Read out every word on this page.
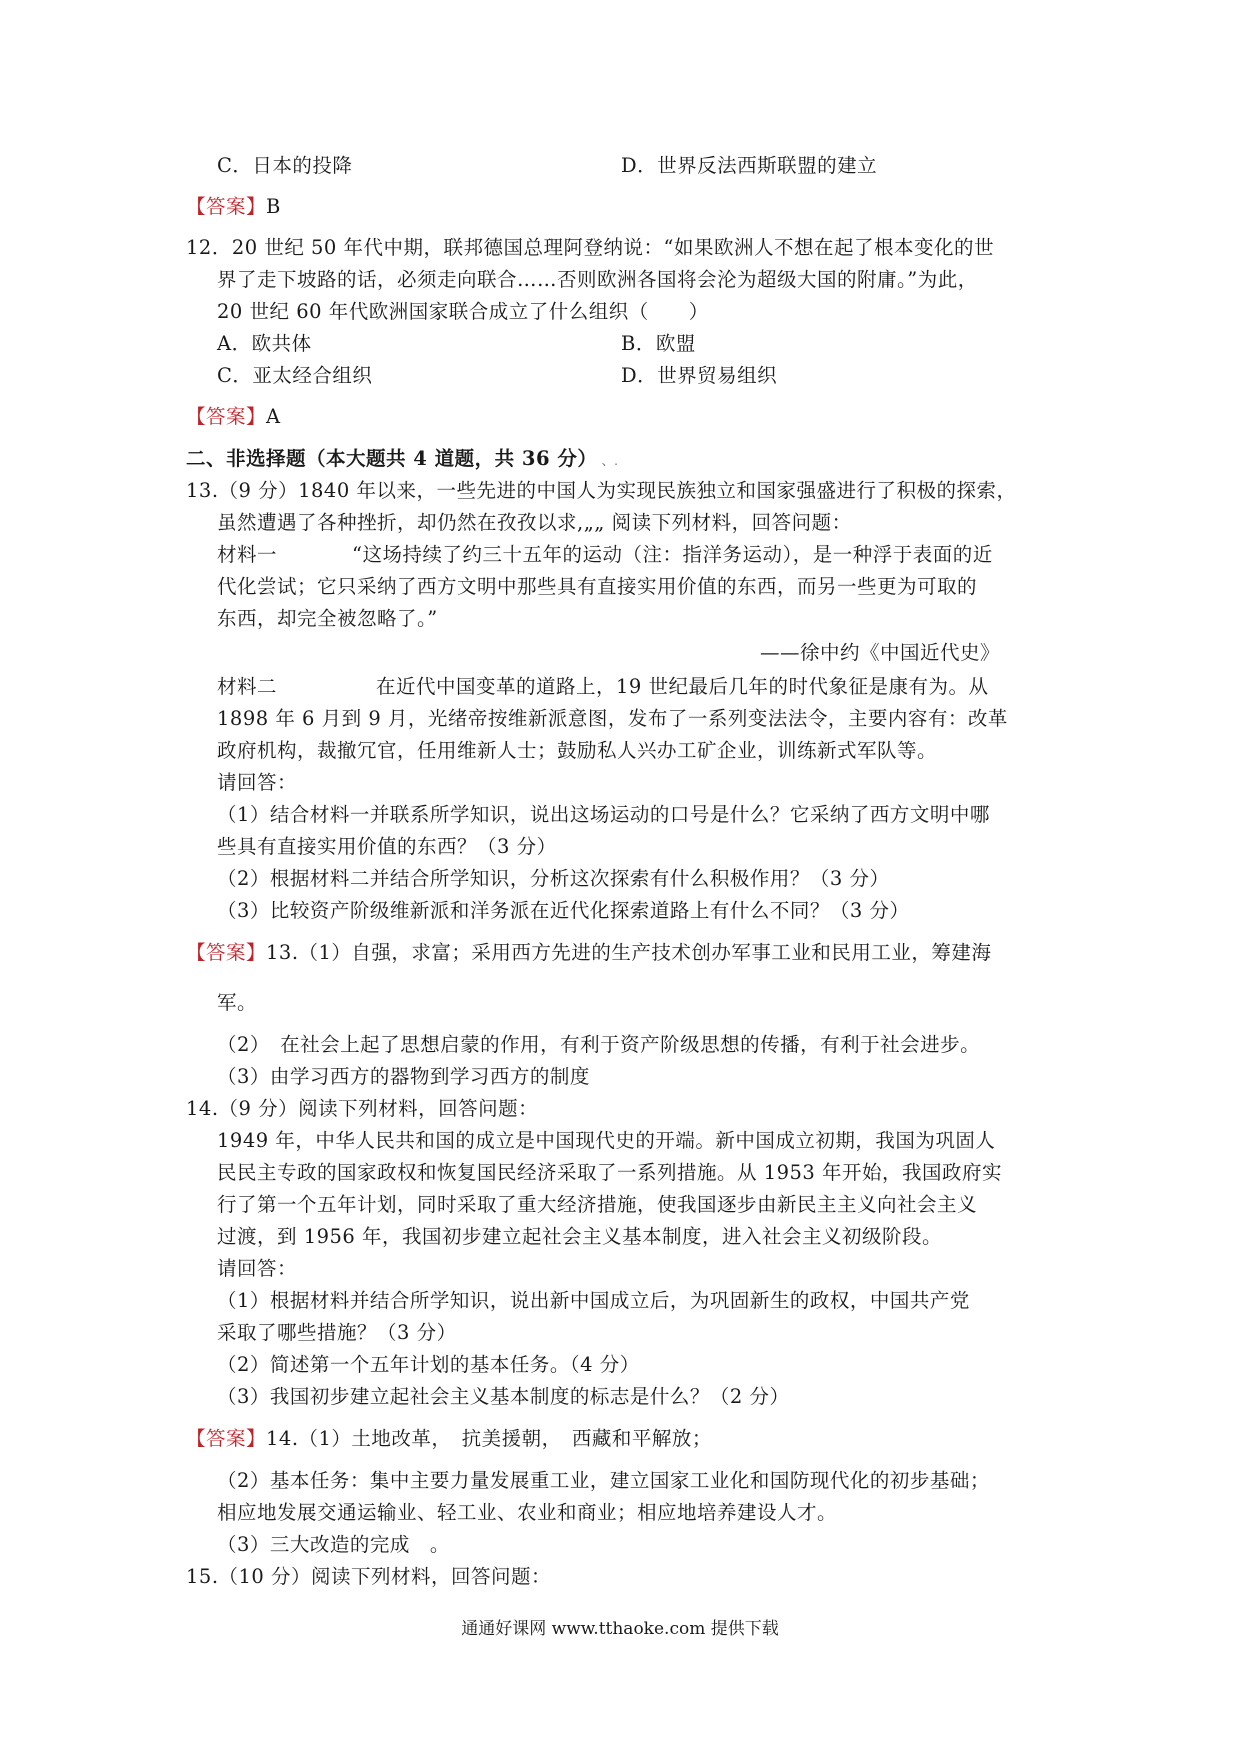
C．日本的投降	D．世界反法西斯联盟的建立
【答案】B
12．20 世纪 50 年代中期，联邦德国总理阿登纳说：“如果欧洲人不想在起了根本变化的世
界了走下坡路的话，必须走向联合……否则欧洲各国将会沦为超级大国的附庸。”为此，
20 世纪 60 年代欧洲国家联合成立了什么组织（　　）
A．欧共体	B．欧盟
C．亚太经合组织	D．世界贸易组织
【答案】A
二、非选择题（本大题共 4 道题，共 36 分） 、.
13.（9 分）1840 年以来，一些先进的中国人为实现民族独立和国家强盛进行了积极的探索，
虽然遭遇了各种挫折，却仍然在孜孜以求,„„ 阅读下列材料，回答问题：
材料一	“这场持续了约三十五年的运动（注：指洋务运动），是一种浮于表面的近
代化尝试；它只采纳了西方文明中那些具有直接实用价值的东西，而另一些更为可取的
东西，却完全被忽略了。”
——徐中约《中国近代史》
材料二	在近代中国变革的道路上，19 世纪最后几年的时代象征是康有为。从
1898 年 6 月到 9 月，光绪帝按维新派意图，发布了一系列变法法令，主要内容有：改革
政府机构，裁撤冗官，任用维新人士；鼓励私人兴办工矿企业，训练新式军队等。
请回答：
（1）结合材料一并联系所学知识，说出这场运动的口号是什么？它采纳了西方文明中哪
些具有直接实用价值的东西？（3 分）
（2）根据材料二并结合所学知识，分析这次探索有什么积极作用？（3 分）
（3）比较资产阶级维新派和洋务派在近代化探索道路上有什么不同？（3 分）
【答案】13.（1）自强，求富；采用西方先进的生产技术创办军事工业和民用工业，筹建海
军。
（2）　在社会上起了思想启蒙的作用，有利于资产阶级思想的传播，有利于社会进步。
（3）由学习西方的器物到学习西方的制度
14.（9 分）阅读下列材料，回答问题：
1949 年，中华人民共和国的成立是中国现代史的开端。新中国成立初期，我国为巩固人
民民主专政的国家政权和恢复国民经济采取了一系列措施。从 1953 年开始，我国政府实
行了第一个五年计划，同时采取了重大经济措施，使我国逐步由新民主主义向社会主义
过渡，到 1956 年，我国初步建立起社会主义基本制度，进入社会主义初级阶段。
请回答：
（1）根据材料并结合所学知识，说出新中国成立后，为巩固新生的政权，中国共产党
采取了哪些措施？（3 分）
（2）简述第一个五年计划的基本任务。（4 分）
（3）我国初步建立起社会主义基本制度的标志是什么？（2 分）
【答案】14.（1）土地改革，　抗美援朝，　西藏和平解放；
（2）基本任务：集中主要力量发展重工业，建立国家工业化和国防现代化的初步基础；
相应地发展交通运输业、轻工业、农业和商业；相应地培养建设人才。
（3）三大改造的完成　。
15.（10 分）阅读下列材料，回答问题：
通通好课网 www.tthaoke.com 提供下载
